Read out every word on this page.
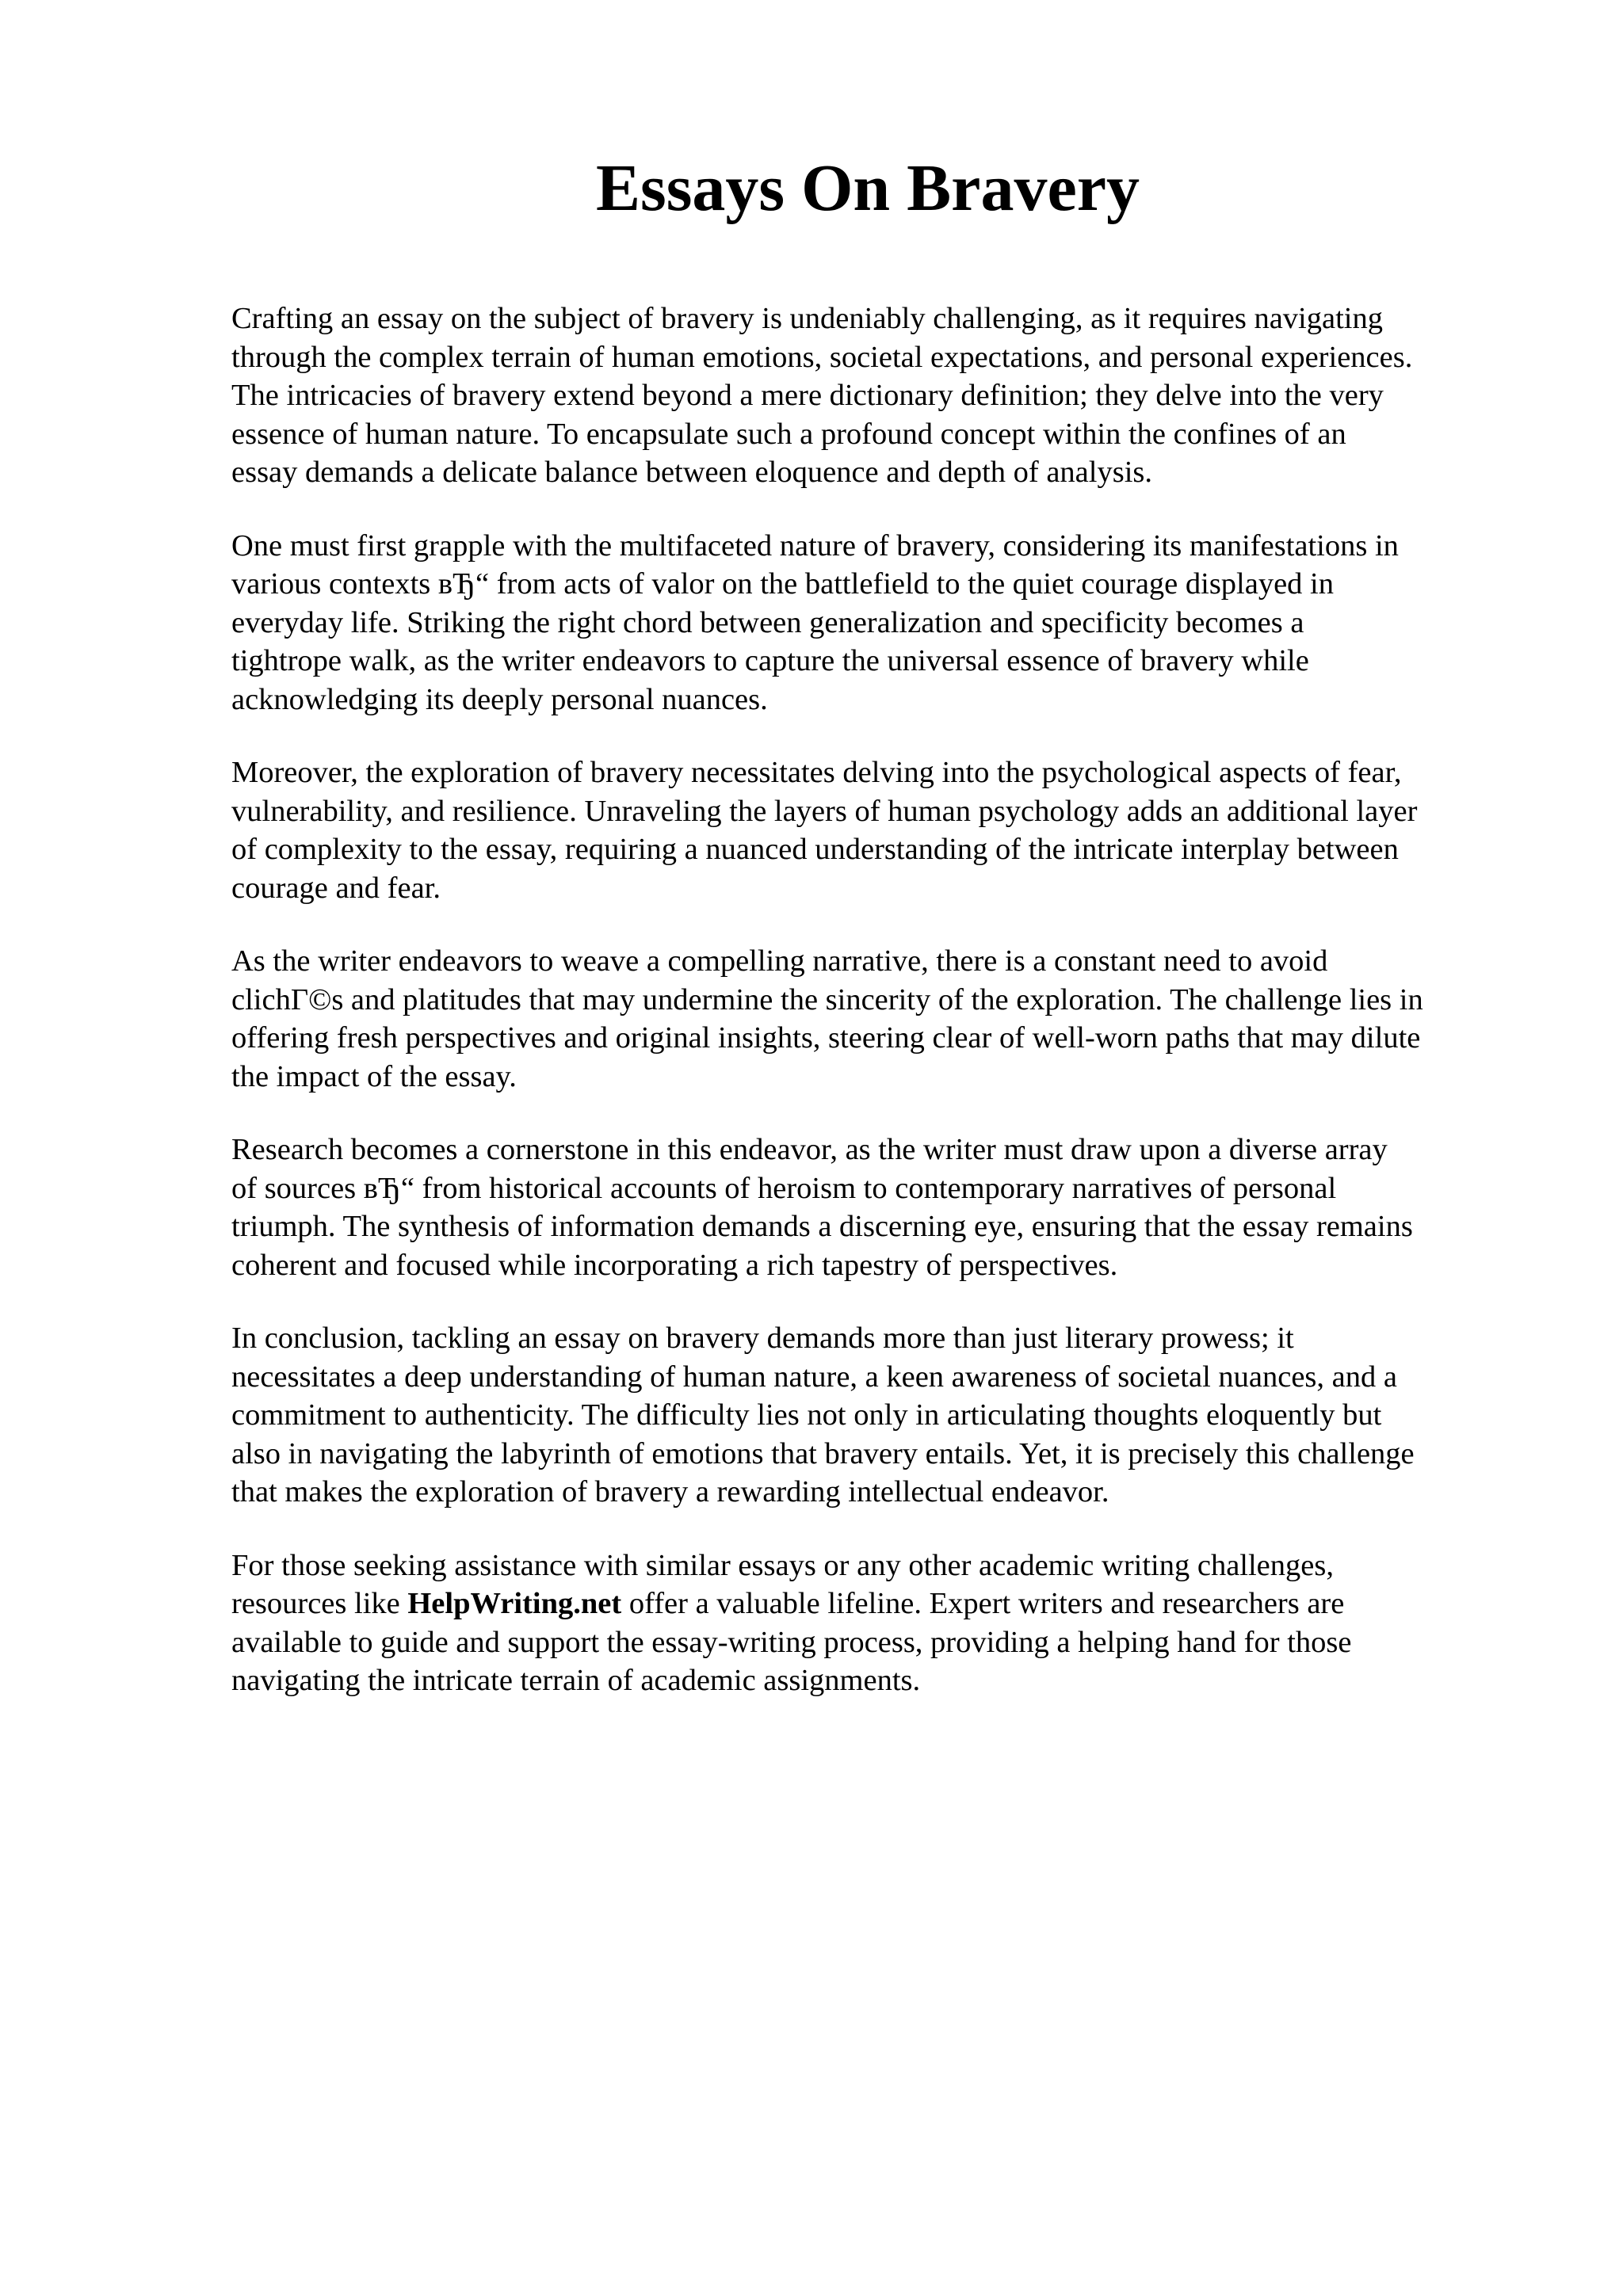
Essays On Bravery

Crafting an essay on the subject of bravery is undeniably challenging, as it requires navigating
through the complex terrain of human emotions, societal expectations, and personal experiences.
The intricacies of bravery extend beyond a mere dictionary definition; they delve into the very
essence of human nature. To encapsulate such a profound concept within the confines of an
essay demands a delicate balance between eloquence and depth of analysis.

One must first grapple with the multifaceted nature of bravery, considering its manifestations in
various contexts вЂ“ from acts of valor on the battlefield to the quiet courage displayed in
everyday life. Striking the right chord between generalization and specificity becomes a
tightrope walk, as the writer endeavors to capture the universal essence of bravery while
acknowledging its deeply personal nuances.

Moreover, the exploration of bravery necessitates delving into the psychological aspects of fear,
vulnerability, and resilience. Unraveling the layers of human psychology adds an additional layer
of complexity to the essay, requiring a nuanced understanding of the intricate interplay between
courage and fear.

As the writer endeavors to weave a compelling narrative, there is a constant need to avoid
clichГ©s and platitudes that may undermine the sincerity of the exploration. The challenge lies in
offering fresh perspectives and original insights, steering clear of well-worn paths that may dilute
the impact of the essay.

Research becomes a cornerstone in this endeavor, as the writer must draw upon a diverse array
of sources вЂ“ from historical accounts of heroism to contemporary narratives of personal
triumph. The synthesis of information demands a discerning eye, ensuring that the essay remains
coherent and focused while incorporating a rich tapestry of perspectives.

In conclusion, tackling an essay on bravery demands more than just literary prowess; it
necessitates a deep understanding of human nature, a keen awareness of societal nuances, and a
commitment to authenticity. The difficulty lies not only in articulating thoughts eloquently but
also in navigating the labyrinth of emotions that bravery entails. Yet, it is precisely this challenge
that makes the exploration of bravery a rewarding intellectual endeavor.

For those seeking assistance with similar essays or any other academic writing challenges,
resources like HelpWriting.net offer a valuable lifeline. Expert writers and researchers are
available to guide and support the essay-writing process, providing a helping hand for those
navigating the intricate terrain of academic assignments.
